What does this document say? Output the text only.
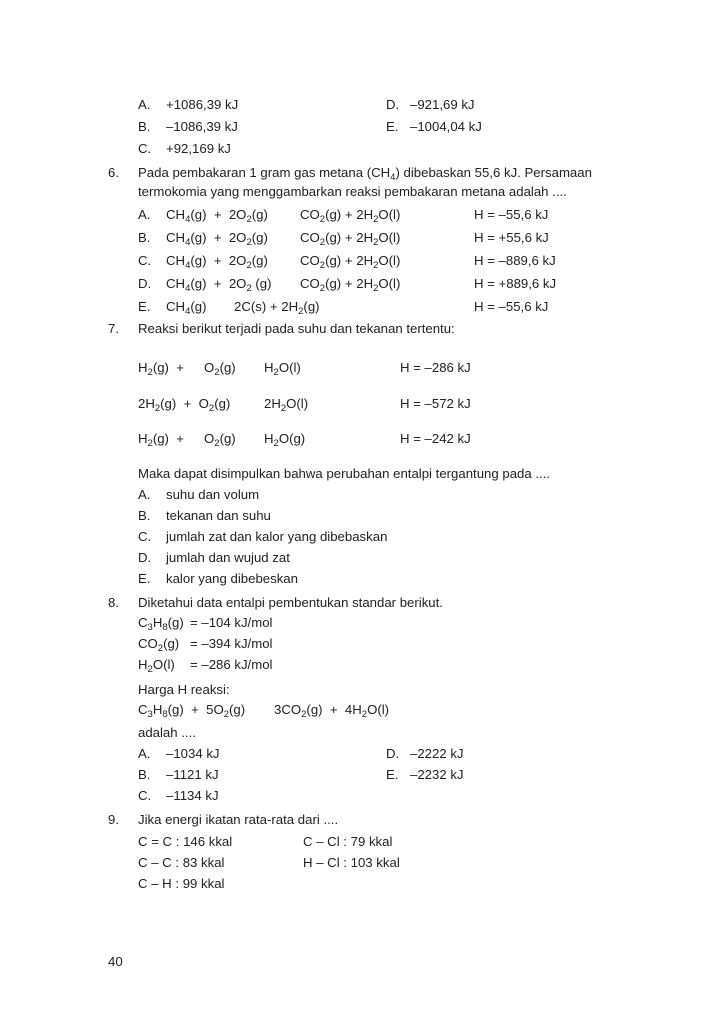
A. +1086,39 kJ	D. –921,69 kJ
B. –1086,39 kJ	E. –1004,04 kJ
C. +92,169 kJ
6. Pada pembakaran 1 gram gas metana $(CH_4)$ dibebaskan 55,6 kJ. Persamaan
termokomia yang menggambarkan reaksi pembakaran metana adalah ....
A. $CH_4(g) + 2O_2(g) CO_2(g) + 2H_2O(l)$	H = –55,6 kJ
B. $CH_4(g) + 2O_2(g) CO_2(g) + 2H_2O(l)$	H = +55,6 kJ
C. $CH_4(g) + 2O_2(g) CO_2(g) + 2H_2O(l)$	H = –889,6 kJ
D. $CH_4(g) + 2O_2$ (g) $CO_2(g) + 2H_2O(l)$	H = +889,6 kJ
E. $CH_4(g) 2C(s) + 2H_2(g)$	H = –55,6 kJ
7. Reaksi berikut terjadi pada suhu dan tekanan tertentu:
$H_2(g) + O_2(g)$ $H_2O(l)$	H = –286 kJ
$2H_2(g) + O_2(g)$	$2H_2O(l)$	H = –572 kJ
$H_2(g) + O_2(g)$ $H_2O(g)$	H = –242 kJ
Maka dapat disimpulkan bahwa perubahan entalpi tergantung pada ....
A. suhu dan volum
B. tekanan dan suhu
C. jumlah zat dan kalor yang dibebaskan
D. jumlah dan wujud zat
E. kalor yang dibebeskan
8. Diketahui data entalpi pembentukan standar berikut.
$C_3H_8(g) = -104$ kJ/mol
$CO_2(g) = -394$ kJ/mol
$H_2O(l) = -286$ kJ/mol
Harga H reaksi:
$C_3H_8(g) + 5O_2(g) 3CO_2(g) + 4H_2O(l)$
adalah ....
A. –1034 kJ	D. –2222 kJ
B. –1121 kJ	E. –2232 kJ
C. –1134 kJ
9. Jika energi ikatan rata-rata dari ....
C = C : 146 kkal	C – Cl : 79 kkal
C – C : 83 kkal	H – Cl : 103 kkal
C – H : 99 kkal
40
